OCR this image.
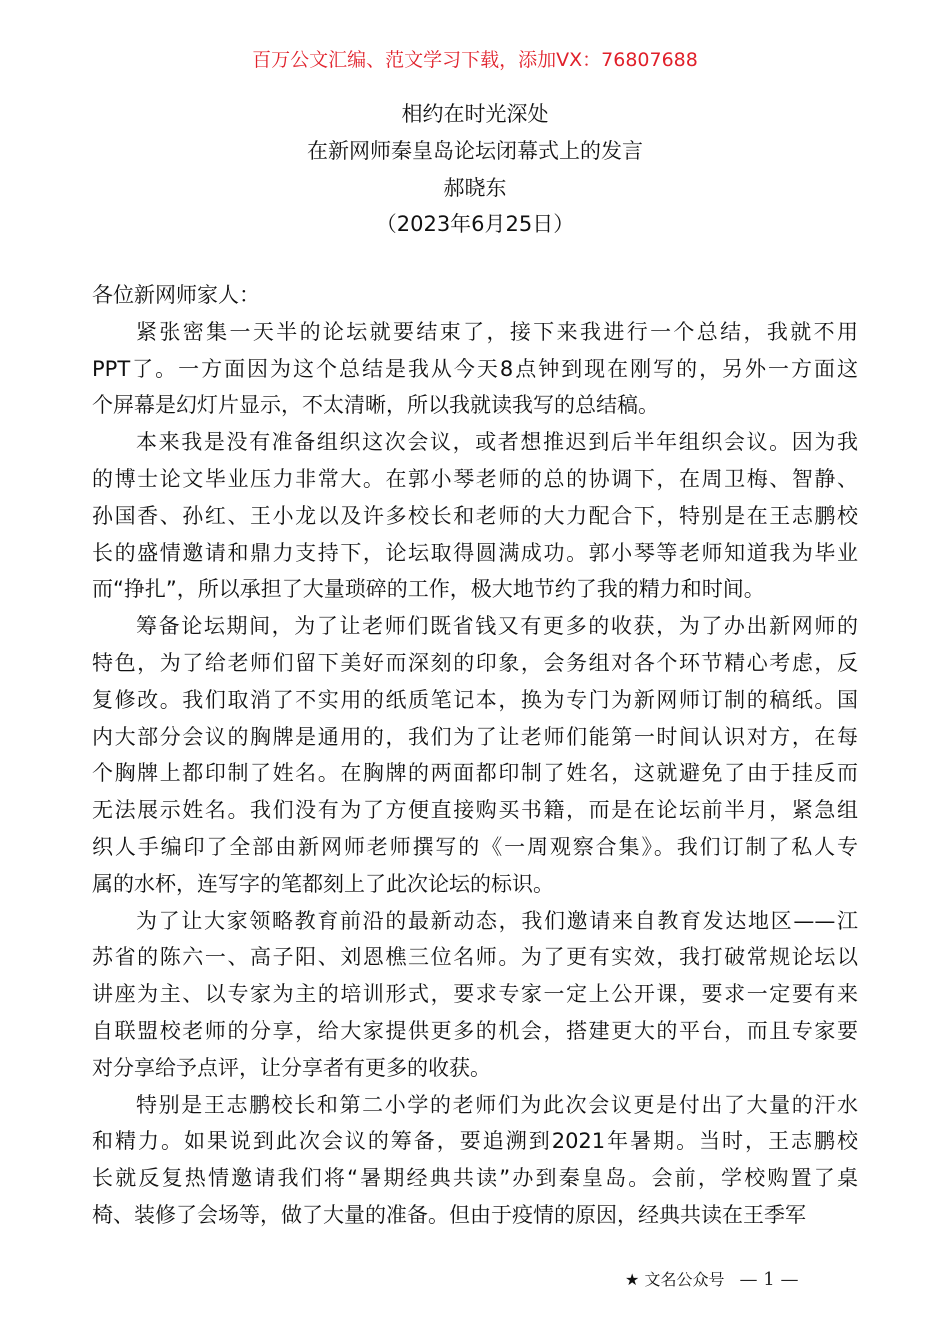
百万公文汇编、范文学习下载，添加VX：76807688
相约在时光深处
在新网师秦皇岛论坛闭幕式上的发言
郝晓东
（2023年6月25日）
各位新网师家人：
紧张密集一天半的论坛就要结束了，接下来我进行一个总结，我就不用
PPT了。一方面因为这个总结是我从今天8点钟到现在刚写的，另外一方面这
个屏幕是幻灯片显示，不太清晰，所以我就读我写的总结稿。
本来我是没有准备组织这次会议，或者想推迟到后半年组织会议。因为我
的博士论文毕业压力非常大。在郭小琴老师的总的协调下，在周卫梅、智静、
孙国香、孙红、王小龙以及许多校长和老师的大力配合下，特别是在王志鹏校
长的盛情邀请和鼎力支持下，论坛取得圆满成功。郭小琴等老师知道我为毕业
而“挣扎”，所以承担了大量琐碎的工作，极大地节约了我的精力和时间。
筹备论坛期间，为了让老师们既省钱又有更多的收获，为了办出新网师的
特色，为了给老师们留下美好而深刻的印象，会务组对各个环节精心考虑，反
复修改。我们取消了不实用的纸质笔记本，换为专门为新网师订制的稿纸。国
内大部分会议的胸牌是通用的，我们为了让老师们能第一时间认识对方，在每
个胸牌上都印制了姓名。在胸牌的两面都印制了姓名，这就避免了由于挂反而
无法展示姓名。我们没有为了方便直接购买书籍，而是在论坛前半月，紧急组
织人手编印了全部由新网师老师撰写的《一周观察合集》。我们订制了私人专
属的水杯，连写字的笔都刻上了此次论坛的标识。
为了让大家领略教育前沿的最新动态，我们邀请来自教育发达地区——江
苏省的陈六一、高子阳、刘恩樵三位名师。为了更有实效，我打破常规论坛以
讲座为主、以专家为主的培训形式，要求专家一定上公开课，要求一定要有来
自联盟校老师的分享，给大家提供更多的机会，搭建更大的平台，而且专家要
对分享给予点评，让分享者有更多的收获。
特别是王志鹏校长和第二小学的老师们为此次会议更是付出了大量的汗水
和精力。如果说到此次会议的筹备，要追溯到2021年暑期。当时，王志鹏校
长就反复热情邀请我们将“暑期经典共读”办到秦皇岛。会前，学校购置了桌
椅、装修了会场等，做了大量的准备。但由于疫情的原因，经典共读在王季军
★ 文名公众号 — 1 —
